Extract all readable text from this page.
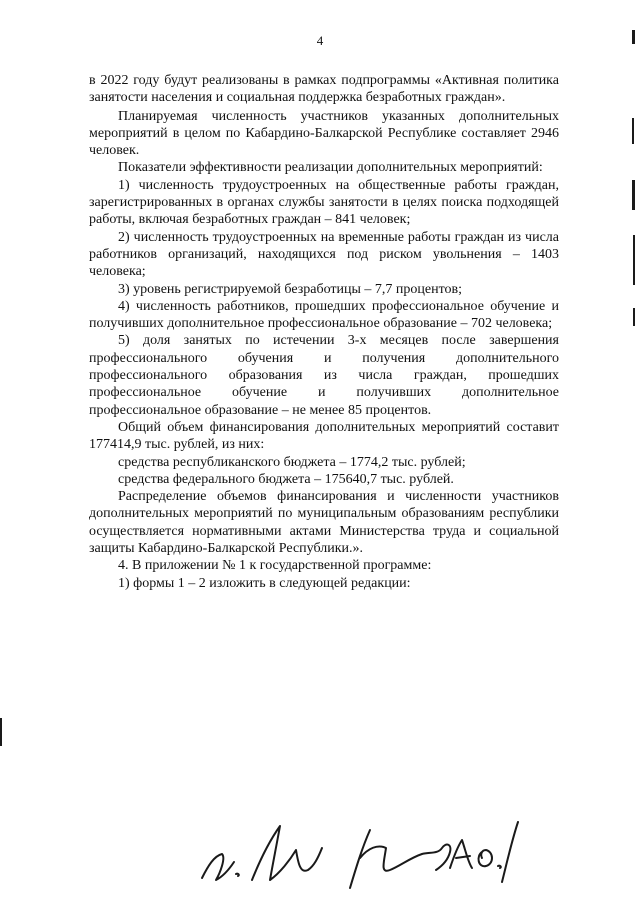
4

в 2022 году будут реализованы в рамках подпрограммы «Активная политика занятости населения и социальная поддержка безработных граждан».

Планируемая численность участников указанных дополнительных мероприятий в целом по Кабардино-Балкарской Республике составляет 2946 человек.

Показатели эффективности реализации дополнительных мероприятий:

1) численность трудоустроенных на общественные работы граждан, зарегистрированных в органах службы занятости в целях поиска подходящей работы, включая безработных граждан – 841 человек;

2) численность трудоустроенных на временные работы граждан из числа работников организаций, находящихся под риском увольнения – 1403 человека;

3) уровень регистрируемой безработицы – 7,7 процентов;

4) численность работников, прошедших профессиональное обучение и получивших дополнительное профессиональное образование – 702 человека;

5) доля занятых по истечении 3-х месяцев после завершения профессионального обучения и получения дополнительного профессионального образования из числа граждан, прошедших профессиональное обучение и получивших дополнительное профессиональное образование – не менее 85 процентов.

Общий объем финансирования дополнительных мероприятий составит 177414,9 тыс. рублей, из них:

средства республиканского бюджета – 1774,2 тыс. рублей;

средства федерального бюджета – 175640,7 тыс. рублей.

Распределение объемов финансирования и численности участников дополнительных мероприятий по муниципальным образованиям республики осуществляется нормативными актами Министерства труда и социальной защиты Кабардино-Балкарской Республики.».

4. В приложении № 1 к государственной программе:

1) формы 1 – 2 изложить в следующей редакции:
